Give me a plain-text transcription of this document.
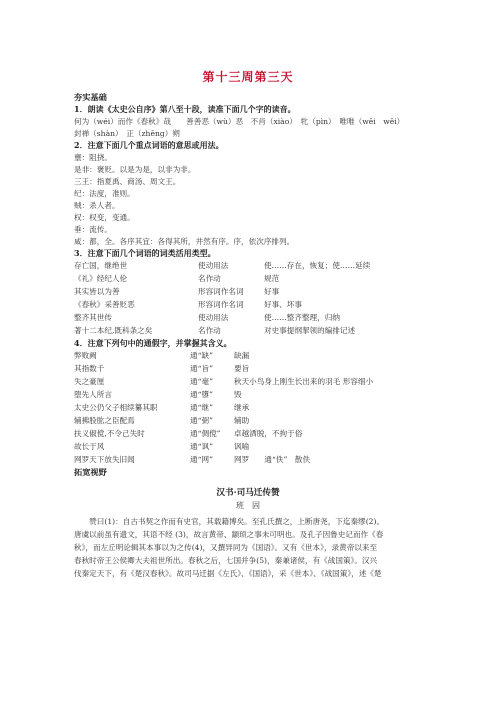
第十三周第三天
夯实基础
1．朗读《太史公自序》第八至十段，读准下面几个字的读音。
何为（wéi）而作《春秋》哉　　善善恶（wù）恶　不肖（xiào）　牝（pìn）　唯唯（wěi　wěi）
封禅（shàn）　正（zhēng）朔
2．注意下面几个重点词语的意思或用法。
壅：阻挠。
是非：褒贬。以是为是，以非为非。
三王：指夏禹、商汤、周文王。
纪：法度，准则。
贼：杀人者。
权：权变，变通。
垂：流传。
咸：都，全。各序其宜：各得其所，井然有序。序，依次序排列。
3．注意下面几个词语的词类活用类型。
存亡国，继绝世	使动用法	使……存在，恢复；使……延续
《礼》经纪人伦	名作动	规范
其实皆以为善	形容词作名词	好事
《春秋》采善贬恶	形容词作名词	好事、坏事
整齐其世传	使动用法	使……整齐整理，归纳
著十二本纪,既科条之矣	名作动	对史事提纲挈领的编排记述
4．注意下列句中的通假字，并掌握其含义。
弊败阙	通“缺”	缺漏
其指数千	通“旨”	要旨
失之豪厘	通“毫”	秋天小鸟身上刚生长出来的羽毛 形容细小
堕先人所言	通“隳”	毁
太史公仍父子相续纂其职	通“继”	继承
辅拂股肱之臣配焉	通“弼”	辅助
扶义俶傥,不令己失时	通“倜傥” 卓越洒脱，不拘于俗
故长于风	通“讽”	讽喻
网罗天下放失旧闻	通“网”	网罗　　通“佚”　散佚
拓宽视野
汉书·司马迁传赞
班　固
　　赞曰(1)：自古书契之作而有史官，其载籍博矣。至孔氏撰之，上断唐尧，下迄秦缪(2)。
唐虞以前虽有遗文，其语不经 (3)，故言黄帝、颛顼之事未可明也。及孔子因鲁史记而作《春
秋》，而左丘明论辑其本事以为之传(4)，又撰异同为《国语》。又有《世本》，录黄帝以来至
春秋时帝王公侯卿大夫祖世所出。春秋之后，七国并争(5)，秦兼诸侯，有《战国策》。汉兴
伐秦定天下，有《楚汉春秋》。故司马迁据《左氏》、《国语》，采《世本》、《战国策》，述《楚
